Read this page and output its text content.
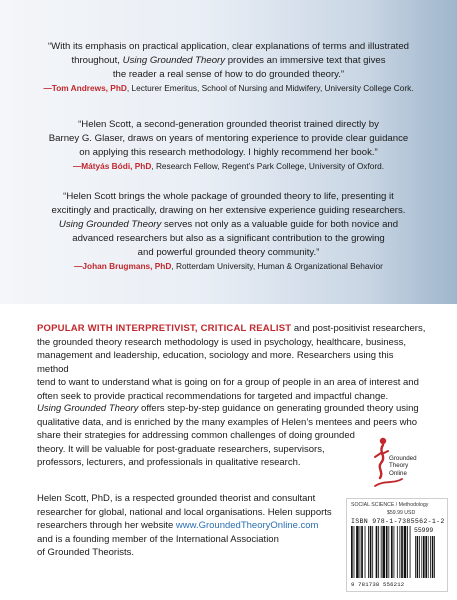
“With its emphasis on practical application, clear explanations of terms and illustrated

throughout, Using Grounded Theory provides an immersive text that gives

the reader a real sense of how to do grounded theory.”

—Tom Andrews, PhD, Lecturer Emeritus, School of Nursing and Midwifery, University College Cork.

“Helen Scott, a second-generation grounded theorist trained directly by

Barney G. Glaser, draws on years of mentoring experience to provide clear guidance

on applying this research methodology. I highly recommend her book.”

—Mátyás Bódi, PhD, Research Fellow, Regent’s Park College, University of Oxford.

“Helen Scott brings the whole package of grounded theory to life, presenting it

excitingly and practically, drawing on her extensive experience guiding researchers.

Using Grounded Theory serves not only as a valuable guide for both novice and

advanced researchers but also as a significant contribution to the growing

and powerful grounded theory community.”

—Johan Brugmans, PhD, Rotterdam University, Human & Organizational Behavior

POPULAR WITH INTERPRETIVIST, CRITICAL REALIST and post-positivist researchers,

the grounded theory research methodology is used in psychology, healthcare, business,

management and leadership, education, sociology and more. Researchers using this method

tend to want to understand what is going on for a group of people in an area of interest and

often seek to provide practical recommendations for targeted and impactful change.

Using Grounded Theory offers step-by-step guidance on generating grounded theory using

qualitative data, and is enriched by the many examples of Helen’s mentees and peers who

share their strategies for addressing common challenges of doing grounded

theory. It will be valuable for post-graduate researchers, supervisors,

professors, lecturers, and professionals in qualitative research.

Helen Scott, PhD, is a respected grounded theorist and consultant

researcher for global, national and local organisations. Helen supports

researchers through her website www.GroundedTheoryOnline.com

and is a founding member of the International Association

of Grounded Theorists.

Grounded
Theory
Online
SOCIAL SCIENCE / Methodology
$59.99 USD
ISBN 978-1-7385562-1-2
55999
9 781738 556212
